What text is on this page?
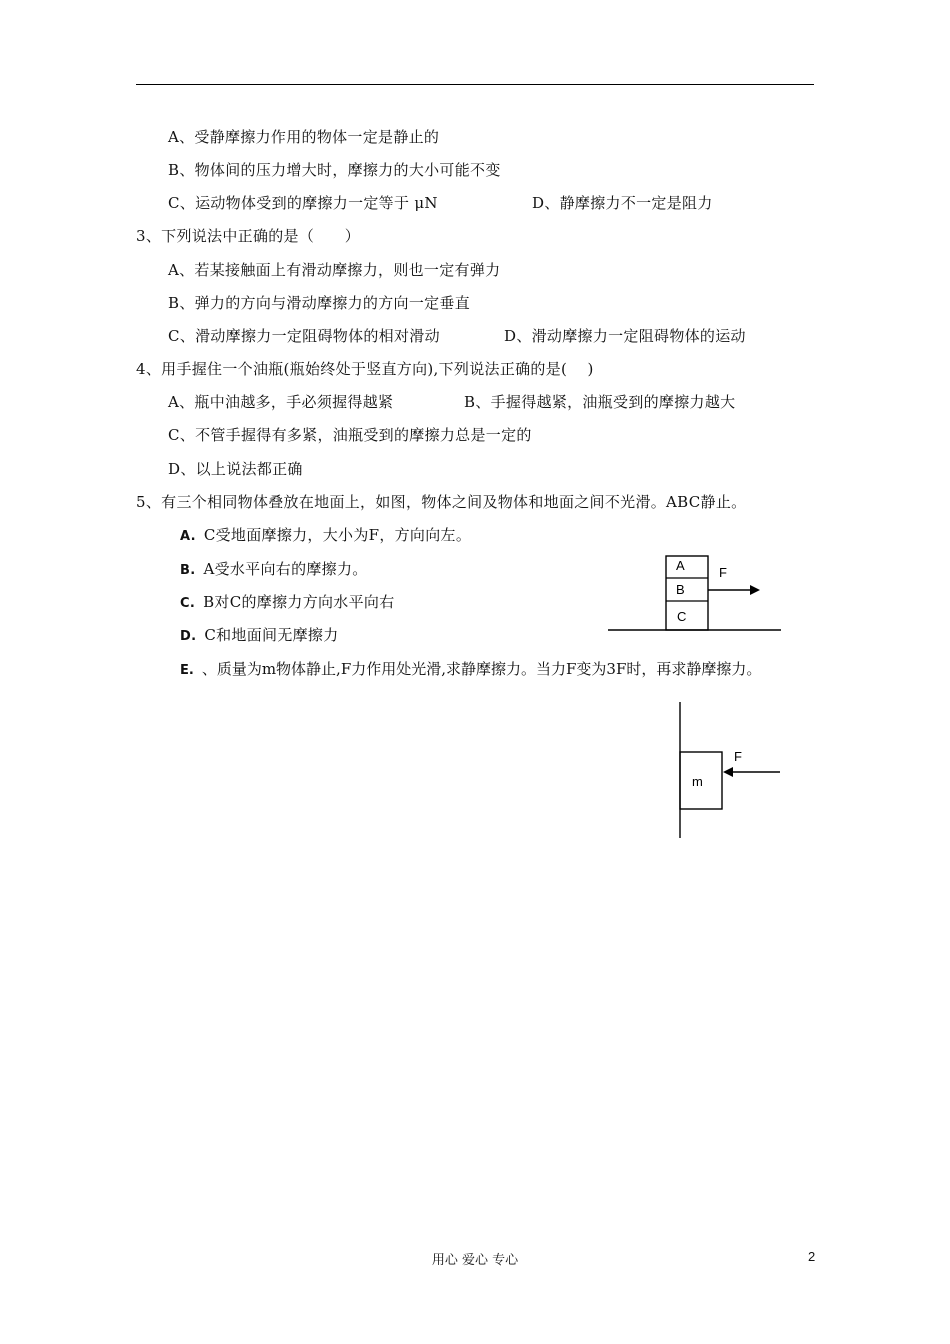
A、受静摩擦力作用的物体一定是静止的
B、物体间的压力增大时，摩擦力的大小可能不变
C、运动物体受到的摩擦力一定等于 μN	D、静摩擦力不一定是阻力
3、下列说法中正确的是（　　）
A、若某接触面上有滑动摩擦力，则也一定有弹力
B、弹力的方向与滑动摩擦力的方向一定垂直
C、滑动摩擦力一定阻碍物体的相对滑动	D、滑动摩擦力一定阻碍物体的运动
4、用手握住一个油瓶(瓶始终处于竖直方向),下列说法正确的是(　 )
A、瓶中油越多，手必须握得越紧	B、手握得越紧，油瓶受到的摩擦力越大
C、不管手握得有多紧，油瓶受到的摩擦力总是一定的
D、以上说法都正确
5、有三个相同物体叠放在地面上，如图，物体之间及物体和地面之间不光滑。ABC静止。
A. C受地面摩擦力，大小为F，方向向左。
B. A受水平向右的摩擦力。
C. B对C的摩擦力方向水平向右
D. C和地面间无摩擦力
E. 、质量为m物体静止,F力作用处光滑,求静摩擦力。当力F变为3F时，再求静摩擦力。
A
B
C
F
m
F
用心 爱心 专心	2
